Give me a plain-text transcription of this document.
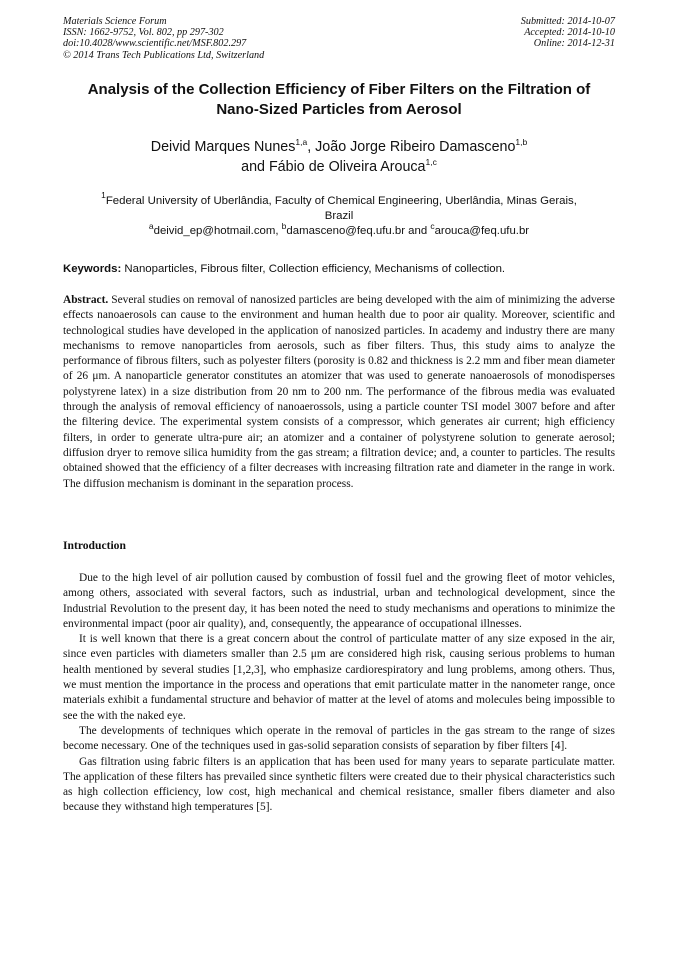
Materials Science Forum
ISSN: 1662-9752, Vol. 802, pp 297-302
doi:10.4028/www.scientific.net/MSF.802.297
© 2014 Trans Tech Publications Ltd, Switzerland
Submitted: 2014-10-07
Accepted: 2014-10-10
Online: 2014-12-31
Analysis of the Collection Efficiency of Fiber Filters on the Filtration of
Nano-Sized Particles from Aerosol
Deivid Marques Nunes$^{1,a}$, João Jorge Ribeiro Damasceno$^{1,b}$
and Fábio de Oliveira Arouca$^{1,c}$
$^1$Federal University of Uberlândia, Faculty of Chemical Engineering, Uberlândia, Minas Gerais,
Brazil
$^a$deivid_ep@hotmail.com, $^b$damasceno@feq.ufu.br and $^c$arouca@feq.ufu.br
Keywords: Nanoparticles, Fibrous filter, Collection efficiency, Mechanisms of collection.

Abstract. Several studies on removal of nanosized particles are being developed with the aim of minimizing the adverse effects nanoaerosols can cause to the environment and human health due to poor air quality. Moreover, scientific and technological studies have developed in the application of nanosized particles. In academy and industry there are many mechanisms to remove nanoparticles from aerosols, such as fiber filters. Thus, this study aims to analyze the performance of fibrous filters, such as polyester filters (porosity is 0.82 and thickness is 2.2 mm and fiber mean diameter of 26 μm. A nanoparticle generator constitutes an atomizer that was used to generate nanoaerosols of monodisperses polystyrene latex) in a size distribution from 20 nm to 200 nm. The performance of the fibrous media was evaluated through the analysis of removal efficiency of nanoaerossols, using a particle counter TSI model 3007 before and after the filtering device. The experimental system consists of a compressor, which generates air current; high efficiency filters, in order to generate ultra-pure air; an atomizer and a container of polystyrene solution to generate aerosol; diffusion dryer to remove silica humidity from the gas stream; a filtration device; and, a counter to particles. The results obtained showed that the efficiency of a filter decreases with increasing filtration rate and diameter in the range in work. The diffusion mechanism is dominant in the separation process.

Introduction

Due to the high level of air pollution caused by combustion of fossil fuel and the growing fleet of motor vehicles, among others, associated with several factors, such as industrial, urban and technological development, since the Industrial Revolution to the present day, it has been noted the need to study mechanisms and operations to minimize the environmental impact (poor air quality), and, consequently, the appearance of occupational illnesses.

It is well known that there is a great concern about the control of particulate matter of any size exposed in the air, since even particles with diameters smaller than 2.5 μm are considered high risk, causing serious problems to human health mentioned by several studies [1,2,3], who emphasize cardiorespiratory and lung problems, among others. Thus, we must mention the importance in the process and operations that emit particulate matter in the nanometer range, once materials exhibit a fundamental structure and behavior of matter at the level of atoms and molecules being impossible to see the with the naked eye.

The developments of techniques which operate in the removal of particles in the gas stream to the range of sizes become necessary. One of the techniques used in gas-solid separation consists of separation by fiber filters [4].

Gas filtration using fabric filters is an application that has been used for many years to separate particulate matter. The application of these filters has prevailed since synthetic filters were created due to their physical characteristics such as high collection efficiency, low cost, high mechanical and chemical resistance, smaller fibers diameter and also because they withstand high temperatures [5].
